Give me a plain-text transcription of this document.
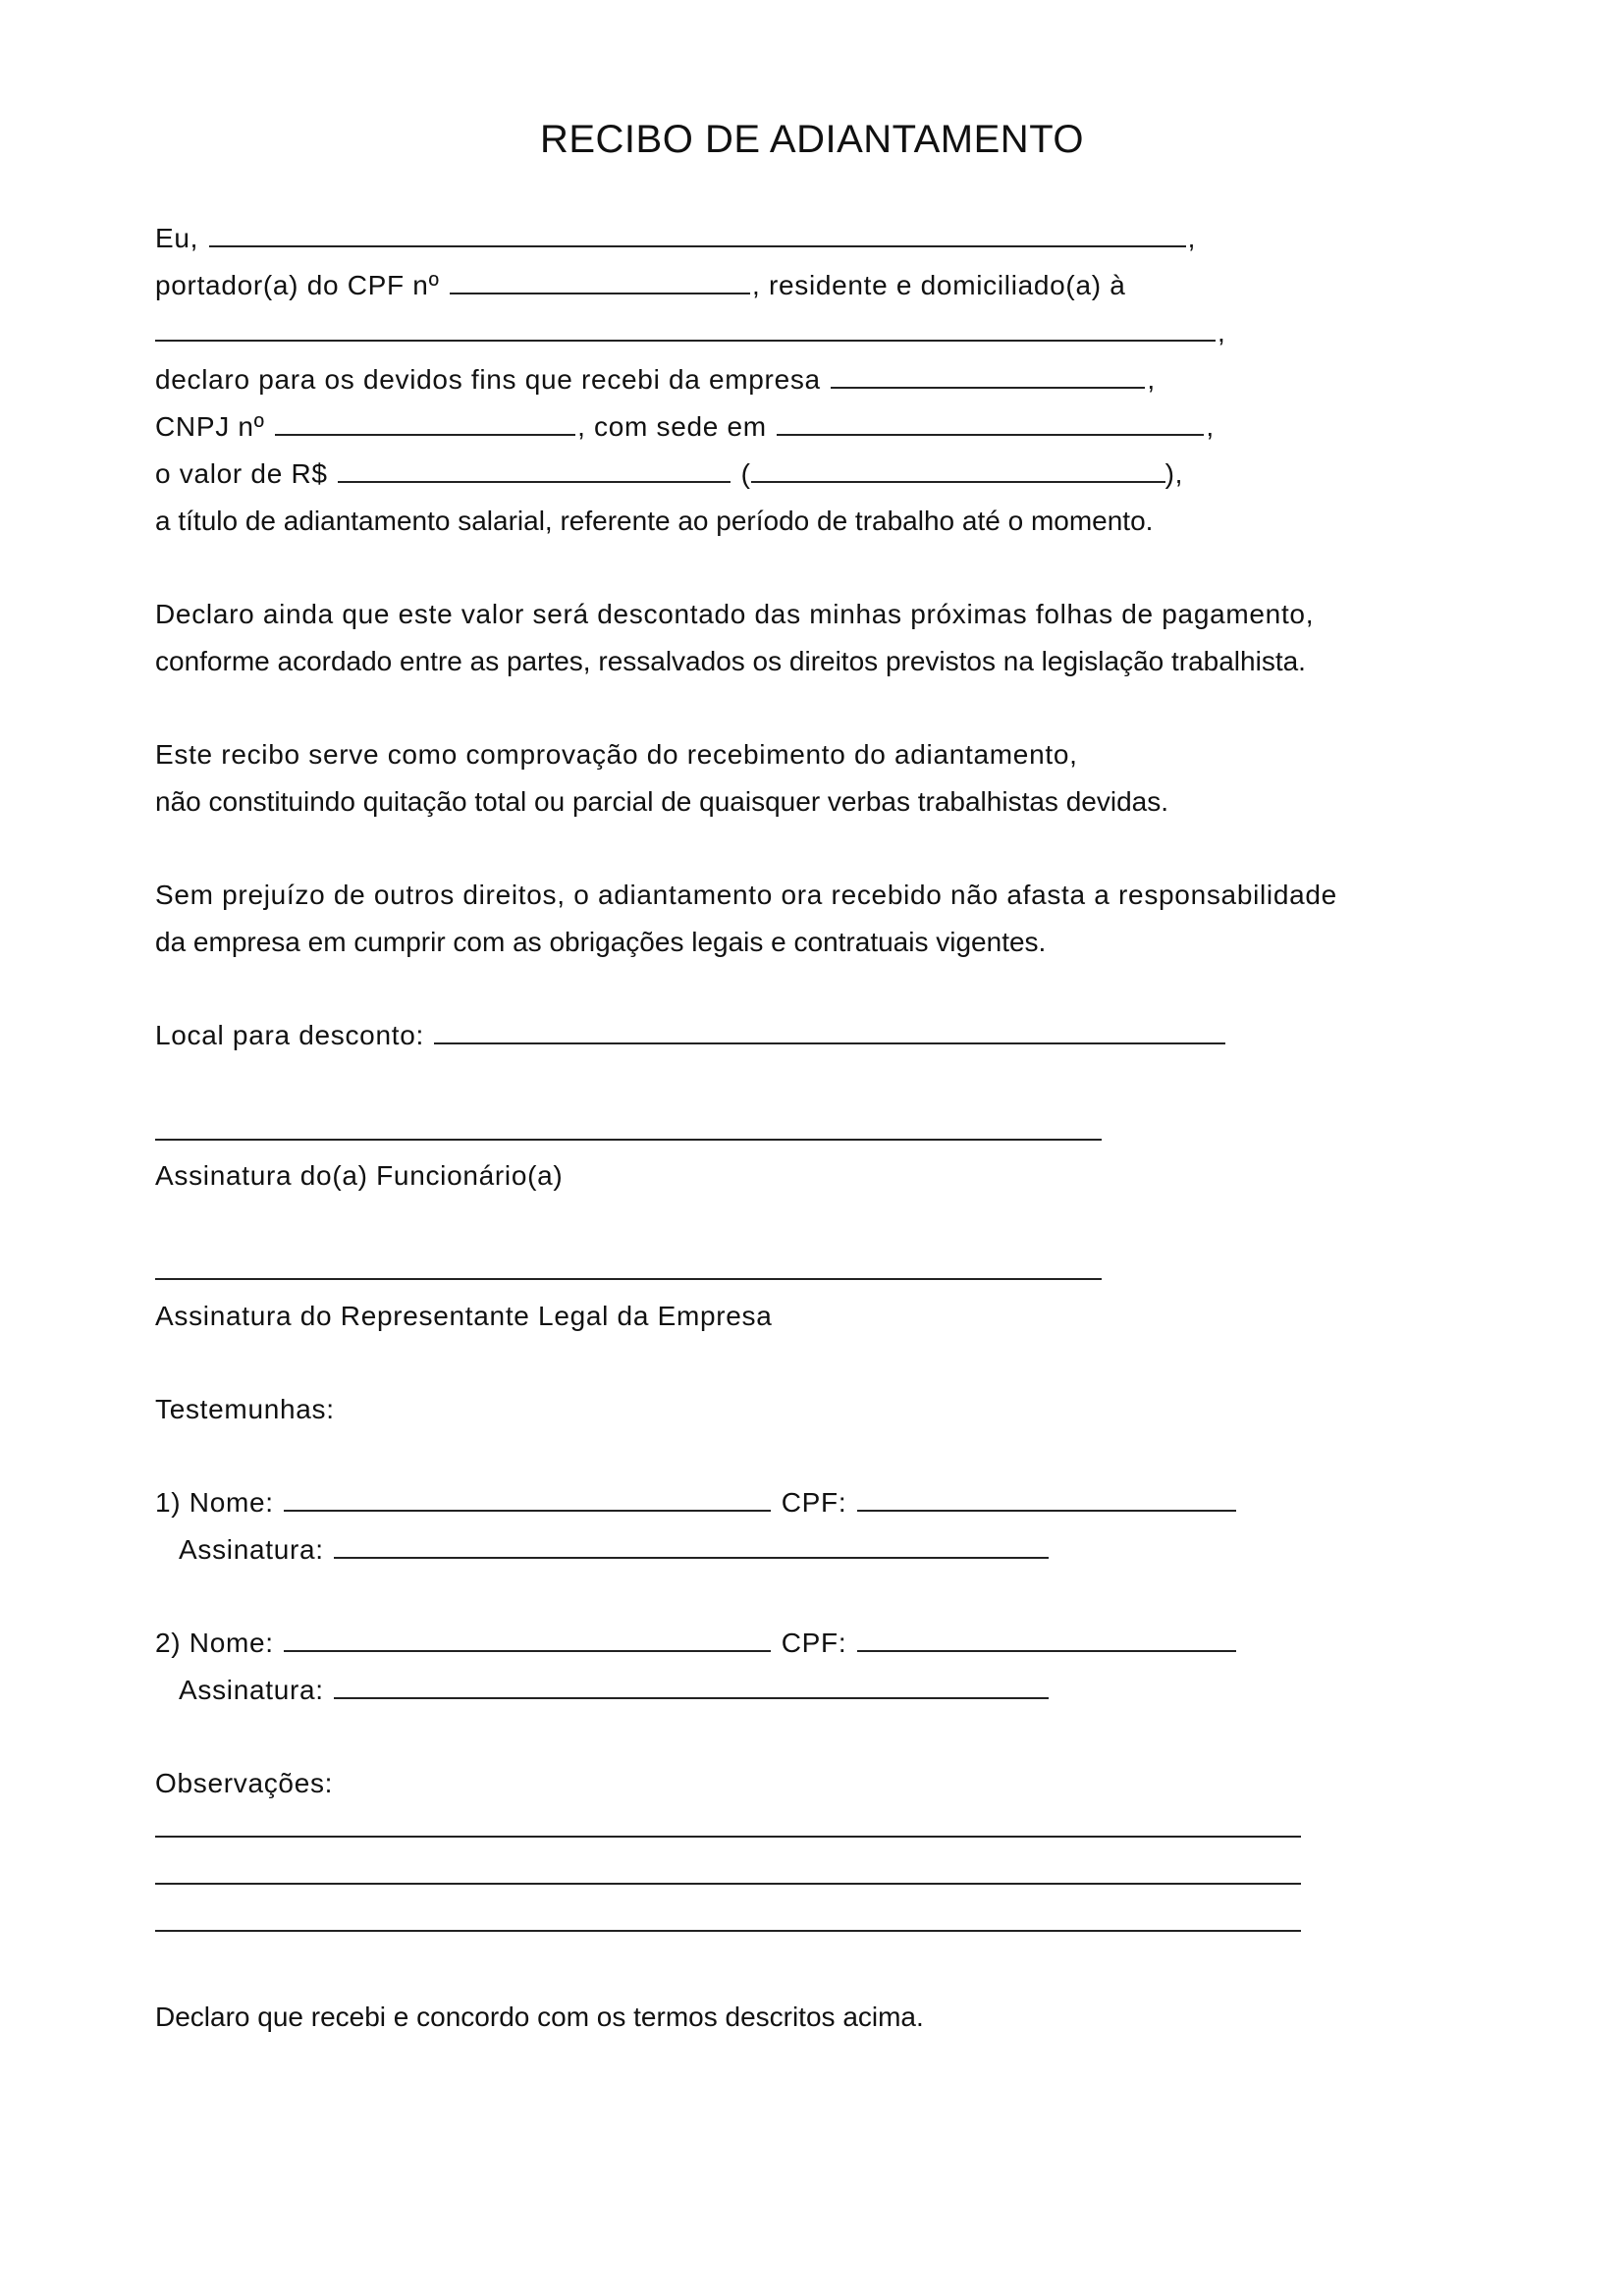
RECIBO DE ADIANTAMENTO
Eu,	,
portador(a) do CPF nº	, residente e domiciliado(a) à
,
declaro para os devidos fins que recebi da empresa	,
CNPJ nº	, com sede em	,
o valor de R$	(	),
a título de adiantamento salarial, referente ao período de trabalho até o momento.
Declaro ainda que este valor será descontado das minhas próximas folhas de pagamento,
conforme acordado entre as partes, ressalvados os direitos previstos na legislação trabalhista.
Este recibo serve como comprovação do recebimento do adiantamento,
não constituindo quitação total ou parcial de quaisquer verbas trabalhistas devidas.
Sem prejuízo de outros direitos, o adiantamento ora recebido não afasta a responsabilidade
da empresa em cumprir com as obrigações legais e contratuais vigentes.
Local para desconto:
Assinatura do(a) Funcionário(a)
Assinatura do Representante Legal da Empresa
Testemunhas:
1) Nome:	CPF:
Assinatura:
2) Nome:	CPF:
Assinatura:
Observações:
Declaro que recebi e concordo com os termos descritos acima.
